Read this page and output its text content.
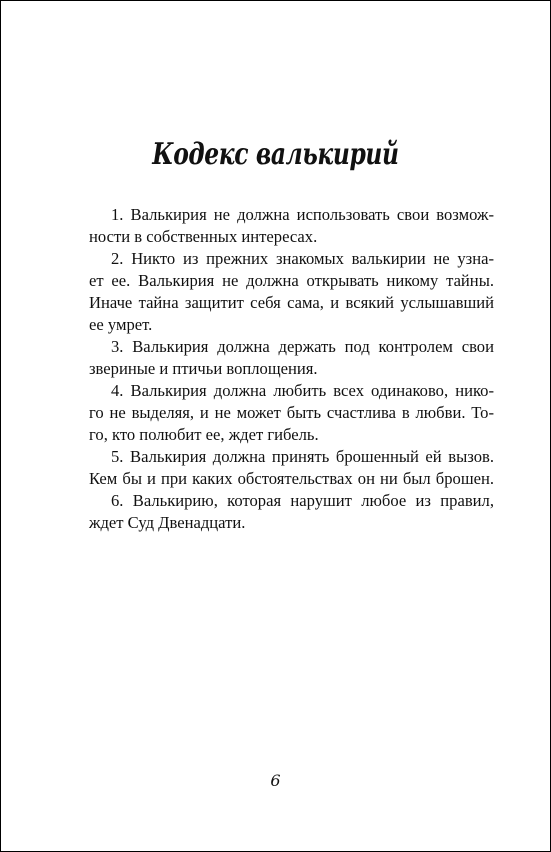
Кодекс валькирий
1. Валькирия не должна использовать свои возмож-
ности в собственных интересах.
2. Никто из прежних знакомых валькирии не узна-
ет ее. Валькирия не должна открывать никому тайны.
Иначе тайна защитит себя сама, и всякий услышавший
ее умрет.
3. Валькирия должна держать под контролем свои
звериные и птичьи воплощения.
4. Валькирия должна любить всех одинаково, нико-
го не выделяя, и не может быть счастлива в любви. То-
го, кто полюбит ее, ждет гибель.
5. Валькирия должна принять брошенный ей вызов.
Кем бы и при каких обстоятельствах он ни был брошен.
6. Валькирию, которая нарушит любое из правил,
ждет Суд Двенадцати.
6
